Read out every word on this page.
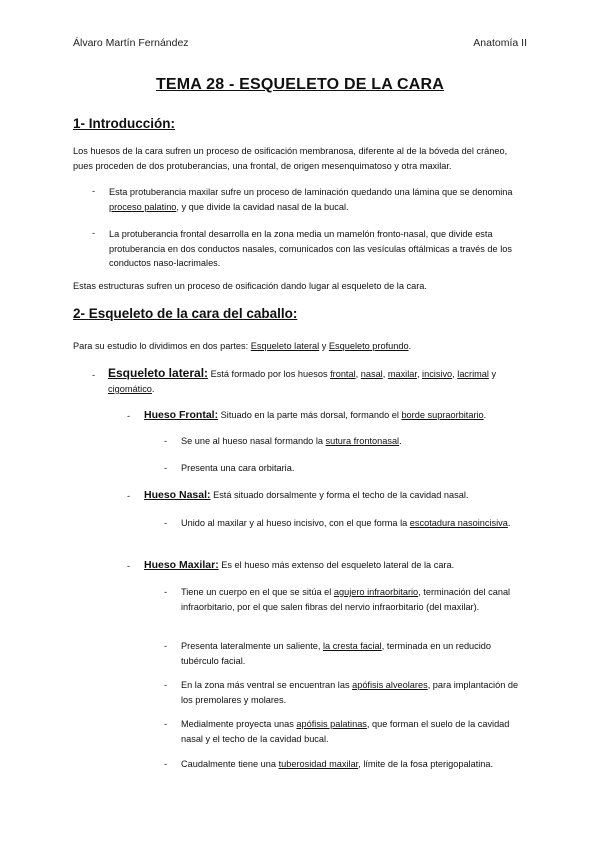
Álvaro Martín Fernández	Anatomía II
TEMA 28 - ESQUELETO DE LA CARA
1- Introducción:

Los huesos de la cara sufren un proceso de osificación membranosa, diferente al de la bóveda del cráneo, pues proceden de dos protuberancias, una frontal, de origen mesenquimatoso y otra maxilar.

- Esta protuberancia maxilar sufre un proceso de laminación quedando una lámina que se denomina proceso palatino, y que divide la cavidad nasal de la bucal.

- La protuberancia frontal desarrolla en la zona media un mamelón fronto-nasal, que divide esta protuberancia en dos conductos nasales, comunicados con las vesículas oftálmicas a través de los conductos naso-lacrimales.

Estas estructuras sufren un proceso de osificación dando lugar al esqueleto de la cara.

2- Esqueleto de la cara del caballo:

Para su estudio lo dividimos en dos partes: Esqueleto lateral y Esqueleto profundo.

- Esqueleto lateral: Está formado por los huesos frontal, nasal, maxilar, incisivo, lacrimal y cigomático.

- Hueso Frontal: Situado en la parte más dorsal, formando el borde supraorbitario.

- Se une al hueso nasal formando la sutura frontonasal.

- Presenta una cara orbitaria.

- Hueso Nasal: Está situado dorsalmente y forma el techo de la cavidad nasal.

- Unido al maxilar y al hueso incisivo, con el que forma la escotadura nasoincisiva.

- Hueso Maxilar: Es el hueso más extenso del esqueleto lateral de la cara.

- Tiene un cuerpo en el que se sitúa el agujero infraorbitario, terminación del canal infraorbitario, por el que salen fibras del nervio infraorbitario (del maxilar).

- Presenta lateralmente un saliente, la cresta facial, terminada en un reducido tubérculo facial.

- En la zona más ventral se encuentran las apófisis alveolares, para implantación de los premolares y molares.

- Medialmente proyecta unas apófisis palatinas, que forman el suelo de la cavidad nasal y el techo de la cavidad bucal.

- Caudalmente tiene una tuberosidad maxilar, límite de la fosa pterigopalatina.
